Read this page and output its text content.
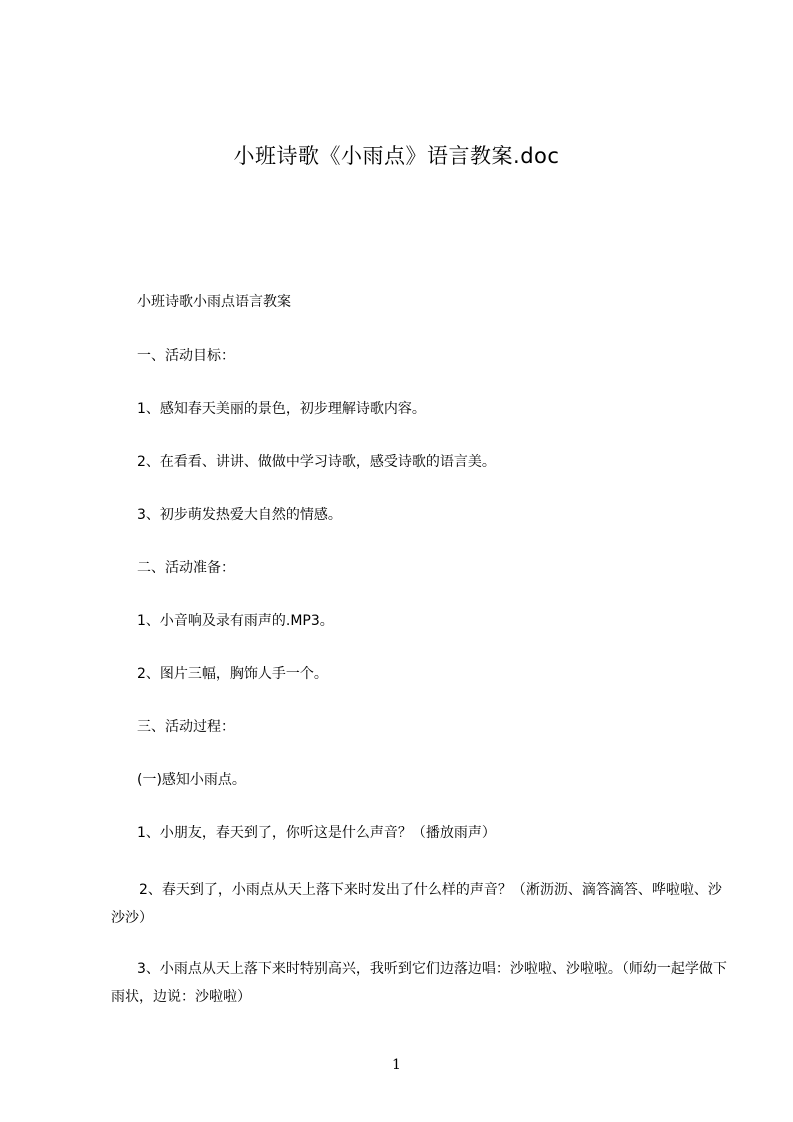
小班诗歌《小雨点》语言教案.doc
小班诗歌小雨点语言教案
一、活动目标：
1、感知春天美丽的景色，初步理解诗歌内容。
2、在看看、讲讲、做做中学习诗歌，感受诗歌的语言美。
3、初步萌发热爱大自然的情感。
二、活动准备：
1、小音响及录有雨声的.MP3。
2、图片三幅，胸饰人手一个。
三、活动过程：
(一)感知小雨点。
1、小朋友，春天到了，你听这是什么声音？（播放雨声）
2、春天到了，小雨点从天上落下来时发出了什么样的声音？（淅沥沥、滴答滴答、哗啦啦、沙沙沙）
3、小雨点从天上落下来时特别高兴，我听到它们边落边唱：沙啦啦、沙啦啦。（师幼一起学做下雨状，边说：沙啦啦）
1
